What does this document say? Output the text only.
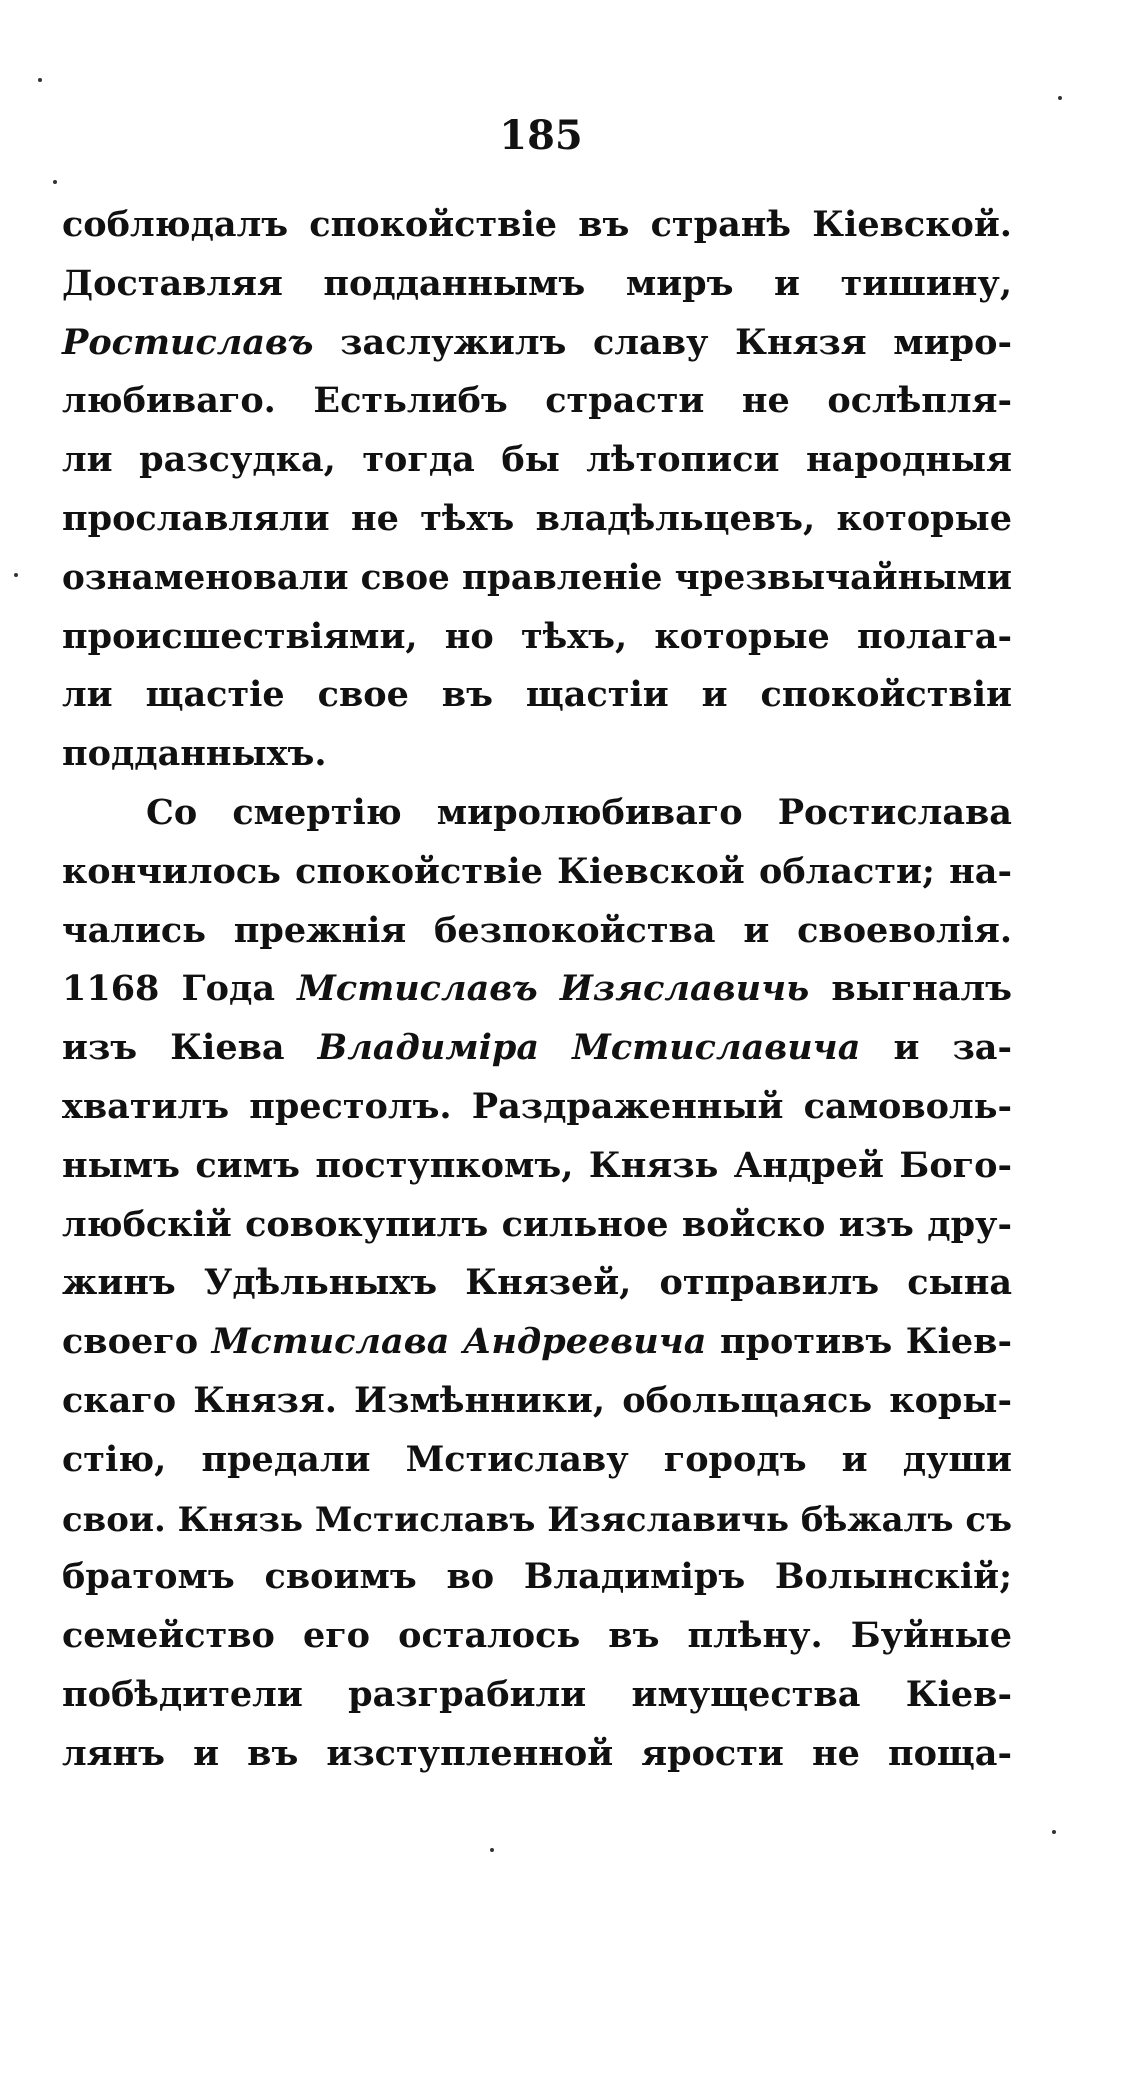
185
соблюдалъ спокойствіе въ странѣ Кіевской.
Доставляя подданнымъ миръ и тишину,
Ростиславъ заслужилъ славу Князя миро-
любиваго. Естьлибъ страсти не ослѣпля-
ли разсудка, тогда бы лѣтописи народныя
прославляли не тѣхъ владѣльцевъ, которые
ознаменовали свое правленіе чрезвычайными
происшествіями, но тѣхъ, которые полага-
ли щастіе свое въ щастіи и спокойствіи
подданныхъ.
Со смертію миролюбиваго Ростислава
кончилось спокойствіе Кіевской области; на-
чались прежнія безпокойства и своеволія.
1168 Года Мстиславъ Изяславичь выгналъ
изъ Кіева Владиміра Мстиславича и за-
хватилъ престолъ. Раздраженный самоволь-
нымъ симъ поступкомъ, Князь Андрей Бого-
любскій совокупилъ сильное войско изъ дру-
жинъ Удѣльныхъ Князей, отправилъ сына
своего Мстислава Андреевича противъ Кіев-
скаго Князя. Измѣнники, обольщаясь коры-
стію, предали Мстиславу городъ и души
свои. Князь Мстиславъ Изяславичь бѣжалъ съ
братомъ своимъ во Владиміръ Волынскій;
семейство его осталось въ плѣну. Буйные
побѣдители разграбили имущества Кіев-
лянъ и въ изступленной ярости не поща-
